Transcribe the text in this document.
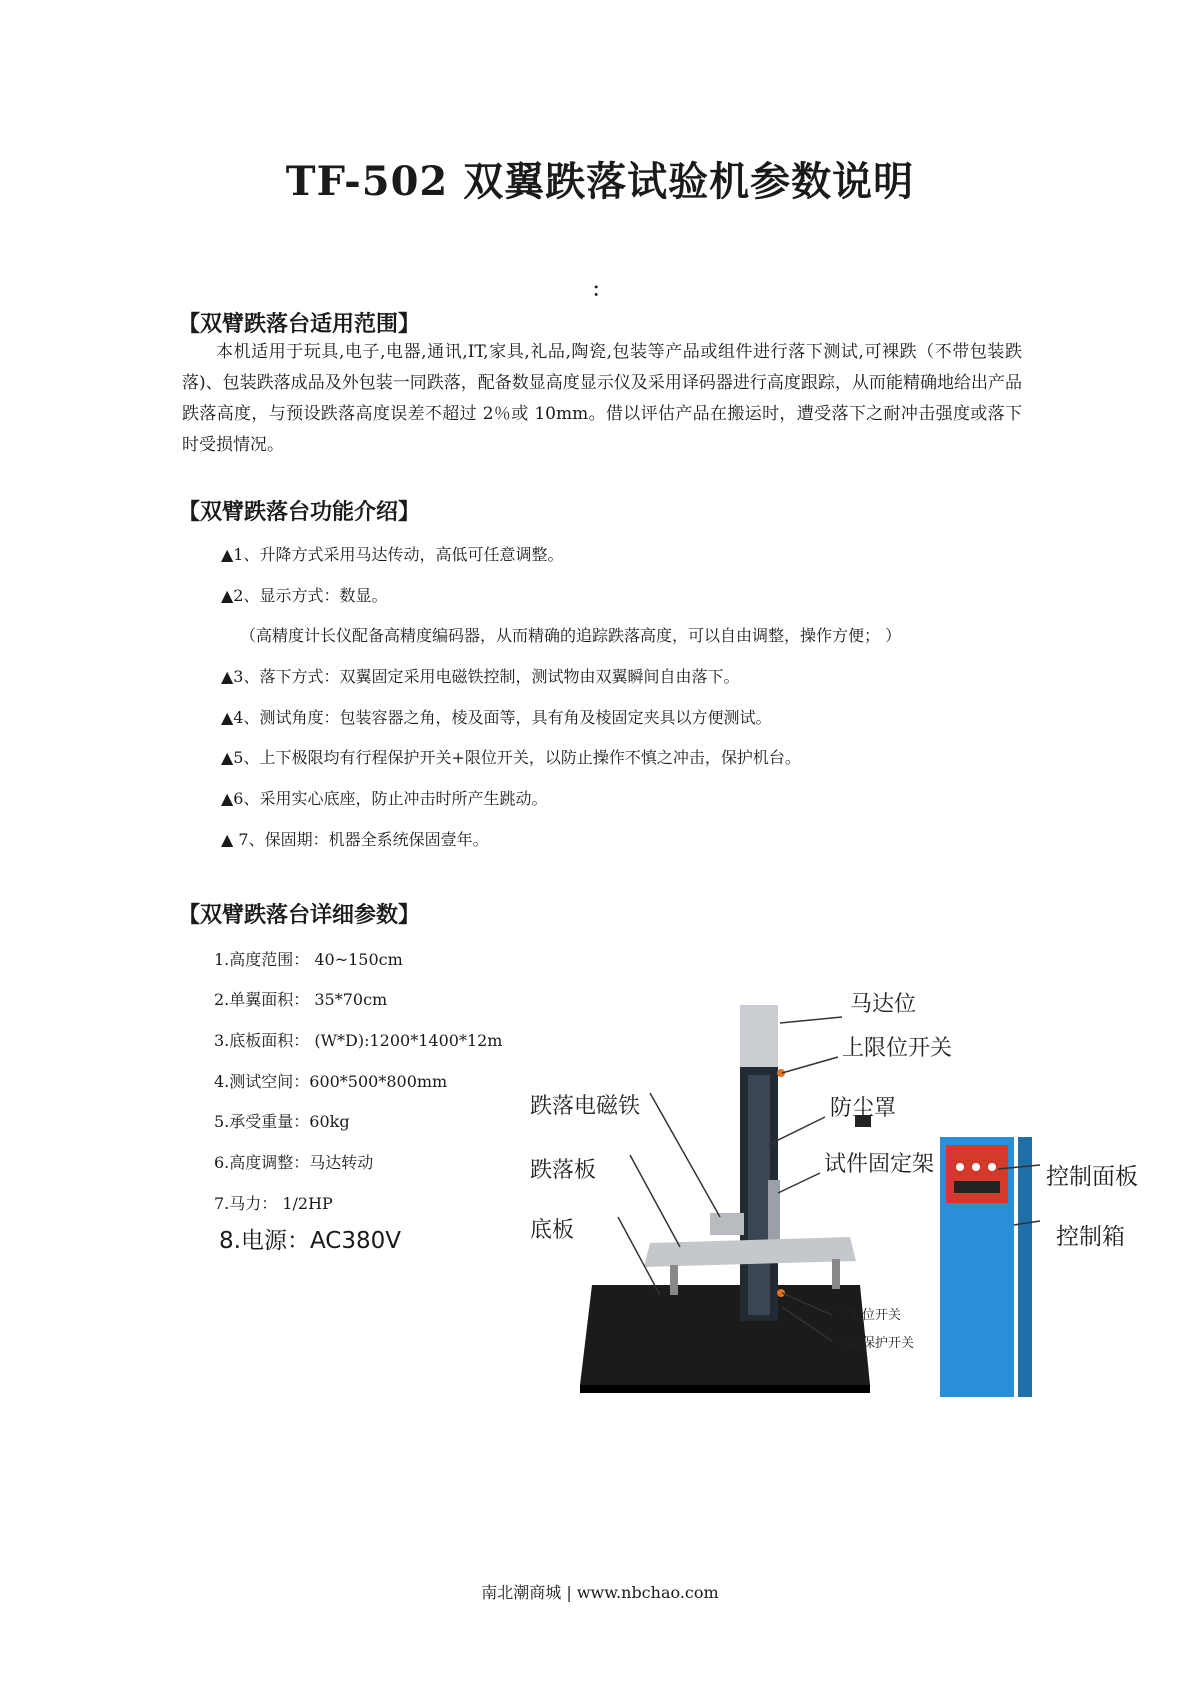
TF-502 双翼跌落试验机参数说明
：
【双臂跌落台适用范围】
本机适用于玩具,电子,电器,通讯,IT,家具,礼品,陶瓷,包装等产品或组件进行落下测试,可裸跌（不带包装跌落)、包装跌落成品及外包装一同跌落，配备数显高度显示仪及采用译码器进行高度跟踪，从而能精确地给出产品跌落高度，与预设跌落高度误差不超过 2％或 10mm。借以评估产品在搬运时，遭受落下之耐冲击强度或落下时受损情况。
【双臂跌落台功能介绍】
▲1、升降方式采用马达传动，高低可任意调整。
▲2、显示方式：数显。
（高精度计长仪配备高精度编码器，从而精确的追踪跌落高度，可以自由调整，操作方便； ）
▲3、落下方式：双翼固定采用电磁铁控制，测试物由双翼瞬间自由落下。
▲4、测试角度：包装容器之角，棱及面等，具有角及棱固定夹具以方便测试。
▲5、上下极限均有行程保护开关+限位开关，以防止操作不慎之冲击，保护机台。
▲6、采用实心底座，防止冲击时所产生跳动。
▲ 7、保固期：机器全系统保固壹年。
【双臂跌落台详细参数】
1.高度范围： 40~150cm
2.单翼面积： 35*70cm
3.底板面积： (W*D):1200*1400*12m
4.测试空间：600*500*800mm
5.承受重量：60kg
6.高度调整：马达转动
7.马力： 1/2HP
8.电源：AC380V
马达位
上限位开关
防尘罩
试件固定架
跌落电磁铁
跌落板
底板
下限位开关
下限保护开关
控制面板
控制箱
南北潮商城 | www.nbchao.com
